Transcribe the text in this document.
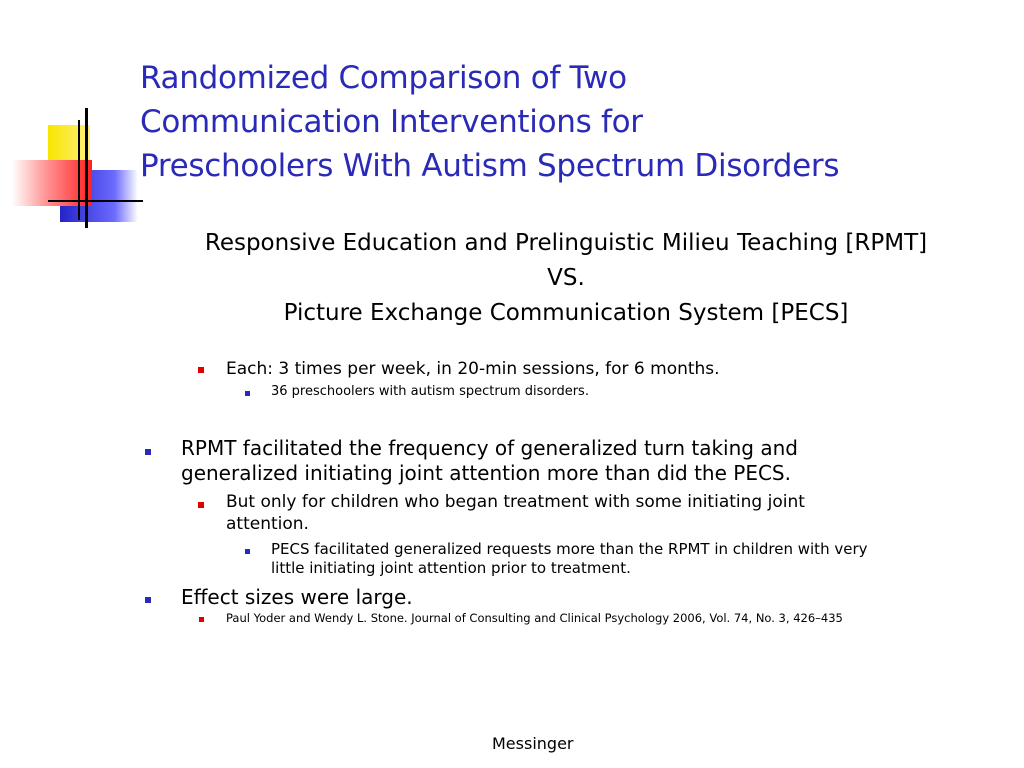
Randomized Comparison of Two
Communication Interventions for
Preschoolers With Autism Spectrum Disorders
Responsive Education and Prelinguistic Milieu Teaching [RPMT]
VS.
Picture Exchange Communication System [PECS]
Each: 3 times per week, in 20-min sessions, for 6 months.
36 preschoolers with autism spectrum disorders.
RPMT facilitated the frequency of generalized turn taking and
generalized initiating joint attention more than did the PECS.
But only for children who began treatment with some initiating joint
attention.
PECS facilitated generalized requests more than the RPMT in children with very
little initiating joint attention prior to treatment.
Effect sizes were large.
Paul Yoder and Wendy L. Stone. Journal of Consulting and Clinical Psychology 2006, Vol. 74, No. 3, 426–435
Messinger
